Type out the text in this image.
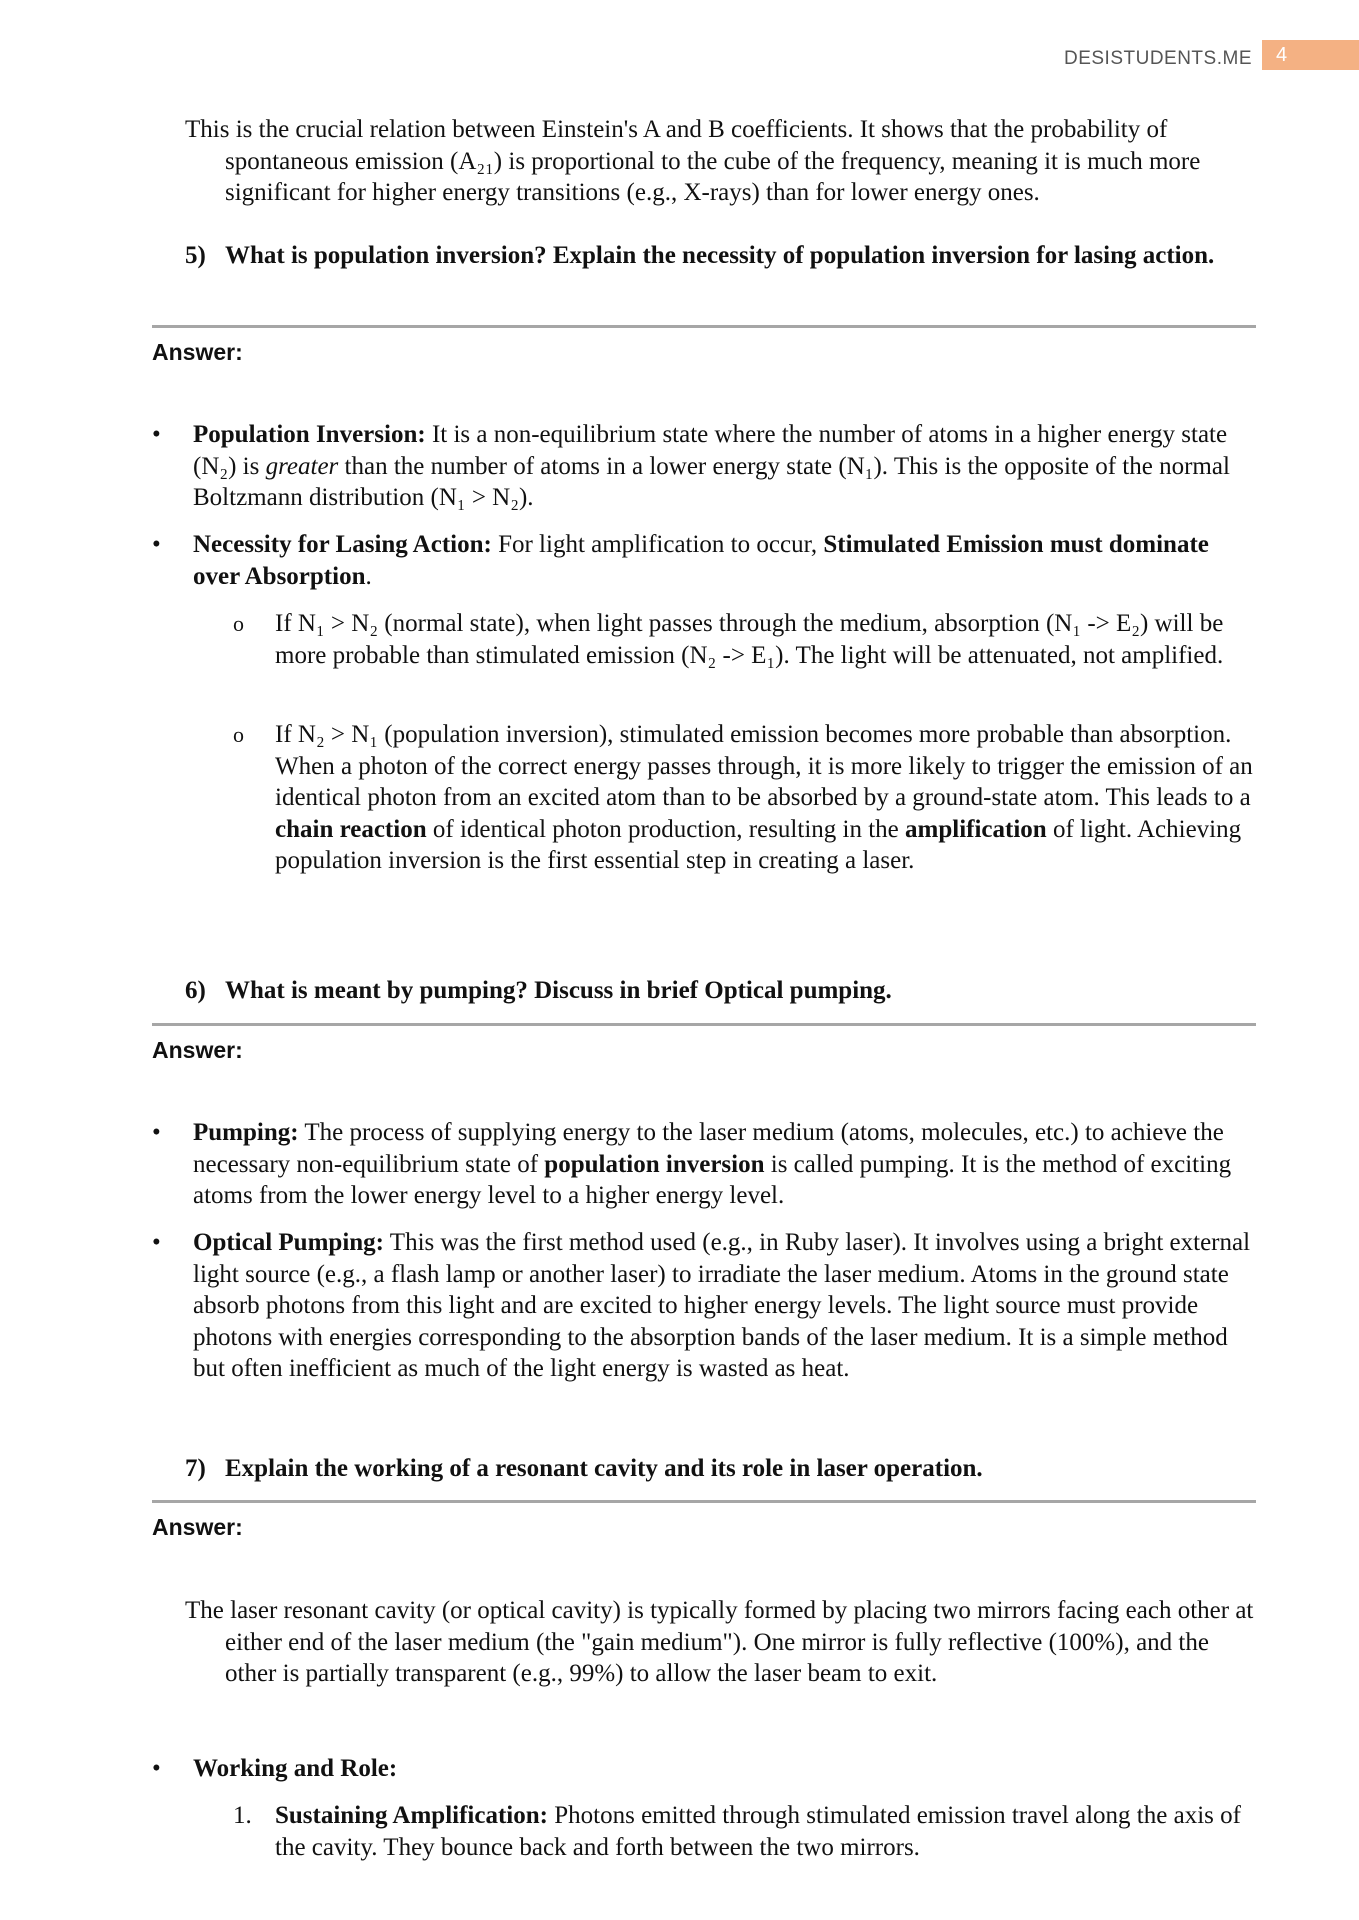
DESISTUDENTS.ME	4

This is the crucial relation between Einstein's A and B coefficients. It shows that the probability of spontaneous emission (A₂₁) is proportional to the cube of the frequency, meaning it is much more significant for higher energy transitions (e.g., X-rays) than for lower energy ones.

5) What is population inversion? Explain the necessity of population inversion for lasing action.
Answer:
•	Population Inversion: It is a non-equilibrium state where the number of atoms in a higher energy state (N₂) is greater than the number of atoms in a lower energy state (N₁). This is the opposite of the normal Boltzmann distribution (N₁ > N₂).

•	Necessity for Lasing Action: For light amplification to occur, Stimulated Emission must dominate over Absorption.

o If N₁ > N₂ (normal state), when light passes through the medium, absorption (N₁ -> E₂) will be more probable than stimulated emission (N₂ -> E₁). The light will be attenuated, not amplified.

o If N₂ > N₁ (population inversion), stimulated emission becomes more probable than absorption. When a photon of the correct energy passes through, it is more likely to trigger the emission of an identical photon from an excited atom than to be absorbed by a ground-state atom. This leads to a chain reaction of identical photon production, resulting in the amplification of light. Achieving population inversion is the first essential step in creating a laser.

6) What is meant by pumping? Discuss in brief Optical pumping.
Answer:
•	Pumping: The process of supplying energy to the laser medium (atoms, molecules, etc.) to achieve the necessary non-equilibrium state of population inversion is called pumping. It is the method of exciting atoms from the lower energy level to a higher energy level.

•	Optical Pumping: This was the first method used (e.g., in Ruby laser). It involves using a bright external light source (e.g., a flash lamp or another laser) to irradiate the laser medium. Atoms in the ground state absorb photons from this light and are excited to higher energy levels. The light source must provide photons with energies corresponding to the absorption bands of the laser medium. It is a simple method but often inefficient as much of the light energy is wasted as heat.

7) Explain the working of a resonant cavity and its role in laser operation.
Answer:

The laser resonant cavity (or optical cavity) is typically formed by placing two mirrors facing each other at either end of the laser medium (the "gain medium"). One mirror is fully reflective (100%), and the other is partially transparent (e.g., 99%) to allow the laser beam to exit.

•	Working and Role:

1. Sustaining Amplification: Photons emitted through stimulated emission travel along the axis of the cavity. They bounce back and forth between the two mirrors.
